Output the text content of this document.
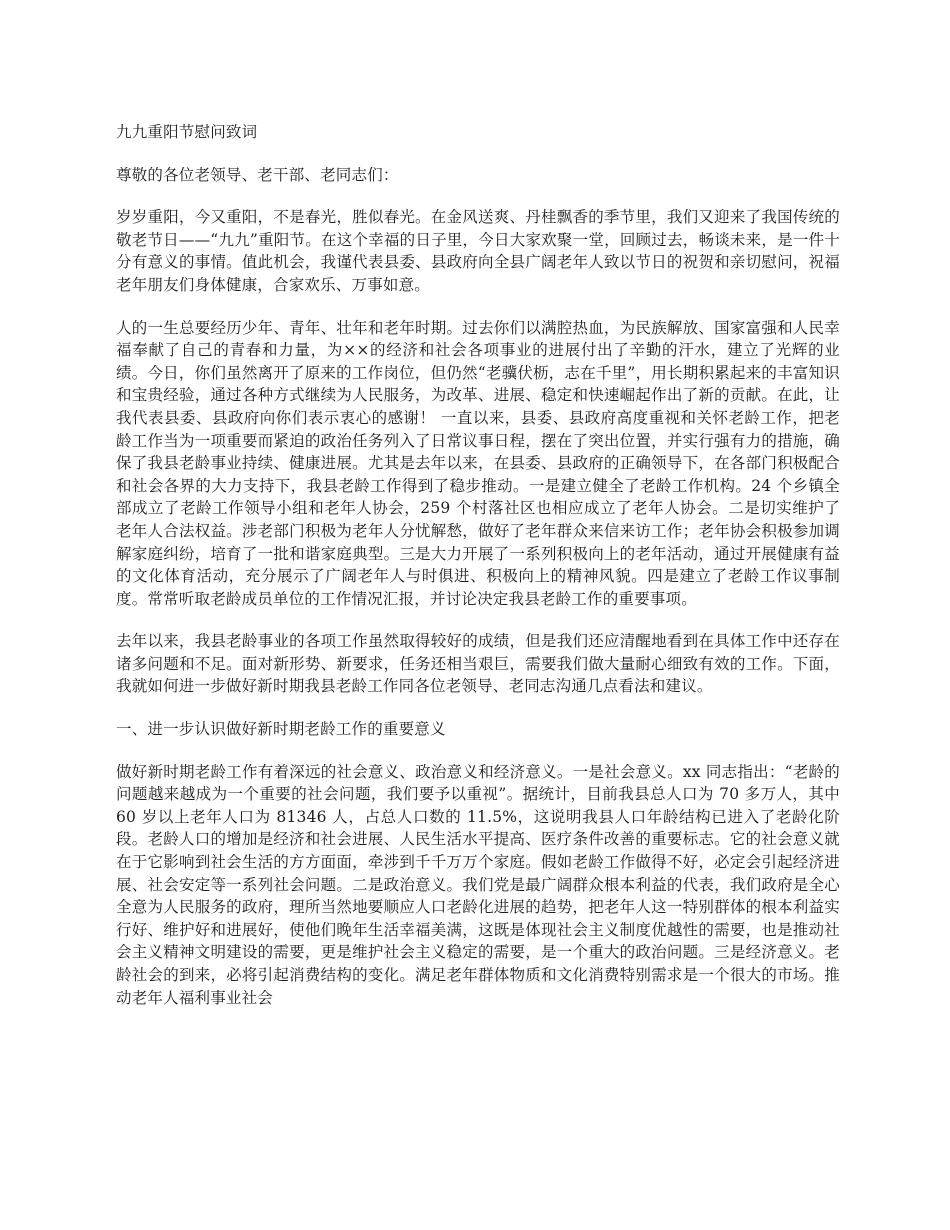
九九重阳节慰问致词

尊敬的各位老领导、老干部、老同志们：

岁岁重阳，今又重阳，不是春光，胜似春光。在金风送爽、丹桂飘香的季节里，我们又迎来了我国传统的敬老节日——“九九”重阳节。在这个幸福的日子里，今日大家欢聚一堂，回顾过去，畅谈未来，是一件十分有意义的事情。值此机会，我谨代表县委、县政府向全县广阔老年人致以节日的祝贺和亲切慰问，祝福老年朋友们身体健康，合家欢乐、万事如意。

人的一生总要经历少年、青年、壮年和老年时期。过去你们以满腔热血，为民族解放、国家富强和人民幸福奉献了自己的青春和力量，为××的经济和社会各项事业的进展付出了辛勤的汗水，建立了光辉的业绩。今日，你们虽然离开了原来的工作岗位，但仍然“老骥伏枥，志在千里”，用长期积累起来的丰富知识和宝贵经验，通过各种方式继续为人民服务，为改革、进展、稳定和快速崛起作出了新的贡献。在此，让我代表县委、县政府向你们表示衷心的感谢！ 一直以来，县委、县政府高度重视和关怀老龄工作，把老龄工作当为一项重要而紧迫的政治任务列入了日常议事日程，摆在了突出位置，并实行强有力的措施，确保了我县老龄事业持续、健康进展。尤其是去年以来，在县委、县政府的正确领导下，在各部门积极配合和社会各界的大力支持下，我县老龄工作得到了稳步推动。一是建立健全了老龄工作机构。24 个乡镇全部成立了老龄工作领导小组和老年人协会，259 个村落社区也相应成立了老年人协会。二是切实维护了老年人合法权益。涉老部门积极为老年人分忧解愁，做好了老年群众来信来访工作；老年协会积极参加调解家庭纠纷，培育了一批和谐家庭典型。三是大力开展了一系列积极向上的老年活动，通过开展健康有益的文化体育活动，充分展示了广阔老年人与时俱进、积极向上的精神风貌。四是建立了老龄工作议事制度。常常听取老龄成员单位的工作情况汇报，并讨论决定我县老龄工作的重要事项。

去年以来，我县老龄事业的各项工作虽然取得较好的成绩，但是我们还应清醒地看到在具体工作中还存在诸多问题和不足。面对新形势、新要求，任务还相当艰巨，需要我们做大量耐心细致有效的工作。下面，我就如何进一步做好新时期我县老龄工作同各位老领导、老同志沟通几点看法和建议。

一、进一步认识做好新时期老龄工作的重要意义

做好新时期老龄工作有着深远的社会意义、政治意义和经济意义。一是社会意义。xx 同志指出：“老龄的问题越来越成为一个重要的社会问题，我们要予以重视”。据统计，目前我县总人口为 70 多万人，其中 60 岁以上老年人口为 81346 人，占总人口数的 11.5%，这说明我县人口年龄结构已进入了老龄化阶段。老龄人口的增加是经济和社会进展、人民生活水平提高、医疗条件改善的重要标志。它的社会意义就在于它影响到社会生活的方方面面，牵涉到千千万万个家庭。假如老龄工作做得不好，必定会引起经济进展、社会安定等一系列社会问题。二是政治意义。我们党是最广阔群众根本利益的代表，我们政府是全心全意为人民服务的政府，理所当然地要顺应人口老龄化进展的趋势，把老年人这一特别群体的根本利益实行好、维护好和进展好，使他们晚年生活幸福美满，这既是体现社会主义制度优越性的需要，也是推动社会主义精神文明建设的需要，更是维护社会主义稳定的需要，是一个重大的政治问题。三是经济意义。老龄社会的到来，必将引起消费结构的变化。满足老年群体物质和文化消费特别需求是一个很大的市场。推动老年人福利事业社会
